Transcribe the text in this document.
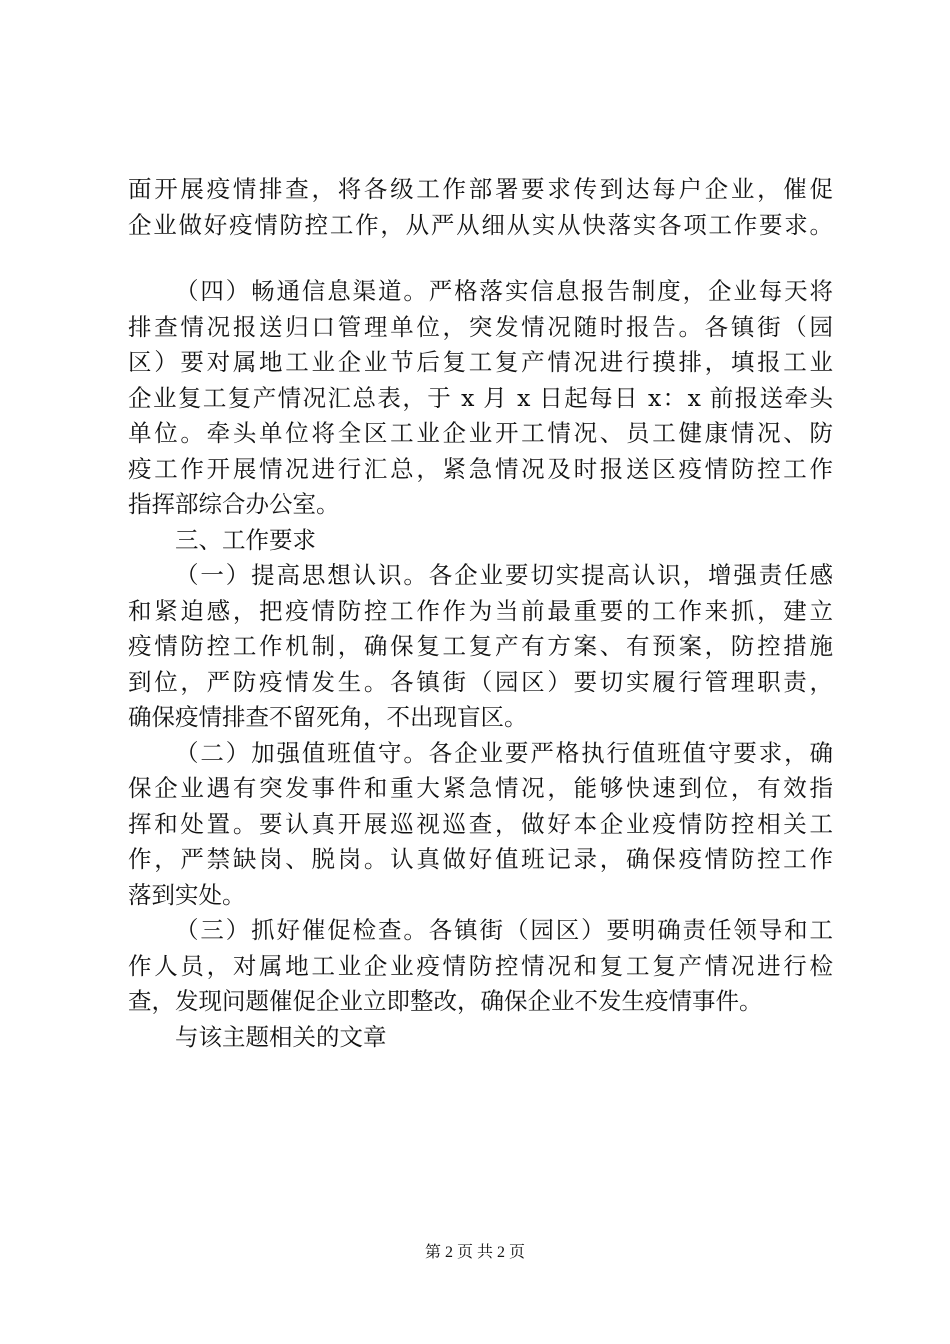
面开展疫情排查，将各级工作部署要求传到达每户企业，催促
企业做好疫情防控工作，从严从细从实从快落实各项工作要求。
（四）畅通信息渠道。严格落实信息报告制度，企业每天将
排查情况报送归口管理单位，突发情况随时报告。各镇街（园
区）要对属地工业企业节后复工复产情况进行摸排，填报工业
企业复工复产情况汇总表，于 x 月 x 日起每日 x：x 前报送牵头
单位。牵头单位将全区工业企业开工情况、员工健康情况、防
疫工作开展情况进行汇总，紧急情况及时报送区疫情防控工作
指挥部综合办公室。
三、工作要求
（一）提高思想认识。各企业要切实提高认识，增强责任感
和紧迫感，把疫情防控工作作为当前最重要的工作来抓，建立
疫情防控工作机制，确保复工复产有方案、有预案，防控措施
到位，严防疫情发生。各镇街（园区）要切实履行管理职责，
确保疫情排查不留死角，不出现盲区。
（二）加强值班值守。各企业要严格执行值班值守要求，确
保企业遇有突发事件和重大紧急情况，能够快速到位，有效指
挥和处置。要认真开展巡视巡查，做好本企业疫情防控相关工
作，严禁缺岗、脱岗。认真做好值班记录，确保疫情防控工作
落到实处。
（三）抓好催促检查。各镇街（园区）要明确责任领导和工
作人员，对属地工业企业疫情防控情况和复工复产情况进行检
查，发现问题催促企业立即整改，确保企业不发生疫情事件。
与该主题相关的文章
第 2 页 共 2 页
